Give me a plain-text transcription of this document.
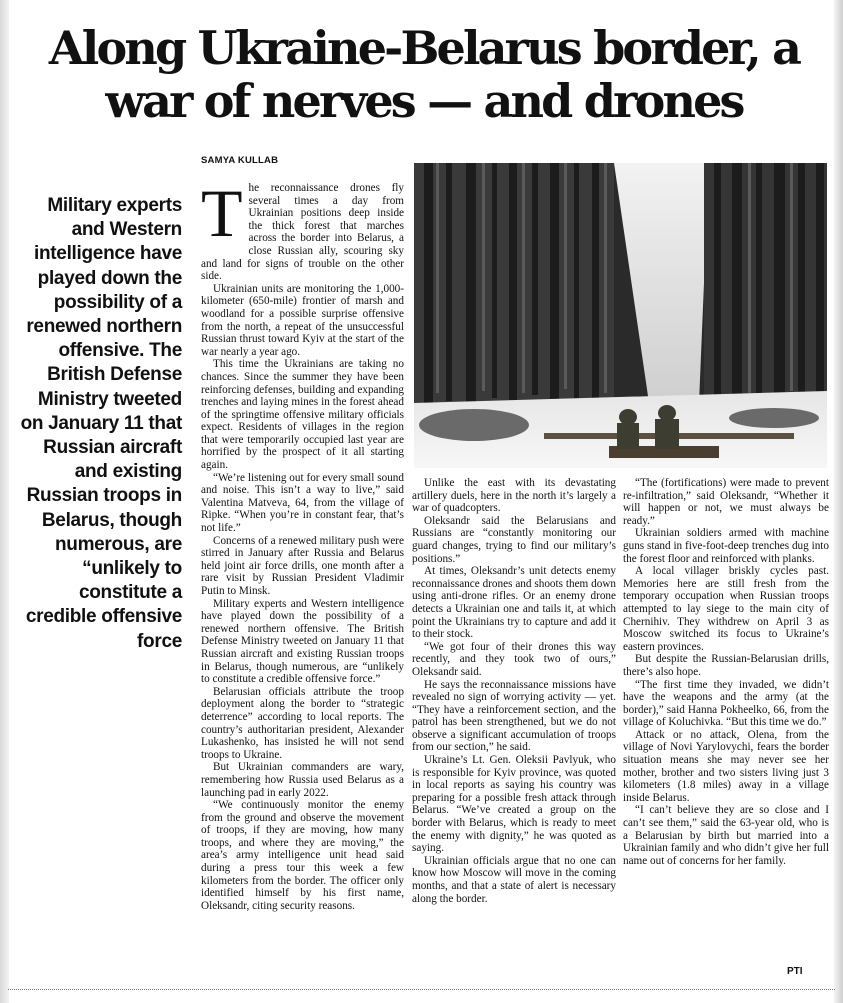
Along Ukraine-Belarus border, a war of nerves — and drones
SAMYA KULLAB
Military experts and Western intelligence have played down the possibility of a renewed northern offensive. The British Defense Ministry tweeted on January 11 that Russian aircraft and existing Russian troops in Belarus, though numerous, are “unlikely to constitute a credible offensive force

The reconnaissance drones fly several times a day from Ukrainian positions deep inside the thick forest that marches across the border into Belarus, a close Russian ally, scouring sky and land for signs of trouble on the other side.

Ukrainian units are monitoring the 1,000-kilometer (650-mile) frontier of marsh and woodland for a possible surprise offensive from the north, a repeat of the unsuccessful Russian thrust toward Kyiv at the start of the war nearly a year ago.

This time the Ukrainians are taking no chances. Since the summer they have been reinforcing defenses, building and expanding trenches and laying mines in the forest ahead of the springtime offensive military officials expect. Residents of villages in the region that were temporarily occupied last year are horrified by the prospect of it all starting again.

“We’re listening out for every small sound and noise. This isn’t a way to live,” said Valentina Matveva, 64, from the village of Ripke. “When you’re in constant fear, that’s not life.”

Concerns of a renewed military push were stirred in January after Russia and Belarus held joint air force drills, one month after a rare visit by Russian President Vladimir Putin to Minsk.

Military experts and Western intelligence have played down the possibility of a renewed northern offensive. The British Defense Ministry tweeted on January 11 that Russian aircraft and existing Russian troops in Belarus, though numerous, are “unlikely to constitute a credible offensive force.”

Belarusian officials attribute the troop deployment along the border to “strategic deterrence” according to local reports. The country’s authoritarian president, Alexander Lukashenko, has insisted he will not send troops to Ukraine.

But Ukrainian commanders are wary, remembering how Russia used Belarus as a launching pad in early 2022.

“We continuously monitor the enemy from the ground and observe the movement of troops, if they are moving, how many troops, and where they are moving,” the area’s army intelligence unit head said during a press tour this week a few kilometers from the border. The officer only identified himself by his first name, Oleksandr, citing security reasons.

Unlike the east with its devastating artillery duels, here in the north it’s largely a war of quadcopters.

Oleksandr said the Belarusians and Russians are “constantly monitoring our guard changes, trying to find our military’s positions.”

At times, Oleksandr’s unit detects enemy reconnaissance drones and shoots them down using anti-drone rifles. Or an enemy drone detects a Ukrainian one and tails it, at which point the Ukrainians try to capture and add it to their stock.

“We got four of their drones this way recently, and they took two of ours,” Oleksandr said.

He says the reconnaissance missions have revealed no sign of worrying activity — yet. “They have a reinforcement section, and the patrol has been strengthened, but we do not observe a significant accumulation of troops from our section,” he said.

Ukraine’s Lt. Gen. Oleksii Pavlyuk, who is responsible for Kyiv province, was quoted in local reports as saying his country was preparing for a possible fresh attack through Belarus. “We’ve created a group on the border with Belarus, which is ready to meet the enemy with dignity,” he was quoted as saying.

Ukrainian officials argue that no one can know how Moscow will move in the coming months, and that a state of alert is necessary along the border.

“The (fortifications) were made to prevent re-infiltration,” said Oleksandr, “Whether it will happen or not, we must always be ready.”

Ukrainian soldiers armed with machine guns stand in five-foot-deep trenches dug into the forest floor and reinforced with planks.

A local villager briskly cycles past. Memories here are still fresh from the temporary occupation when Russian troops attempted to lay siege to the main city of Chernihiv. They withdrew on April 3 as Moscow switched its focus to Ukraine’s eastern provinces.

But despite the Russian-Belarusian drills, there’s also hope.

“The first time they invaded, we didn’t have the weapons and the army (at the border),” said Hanna Pokheelko, 66, from the village of Koluchivka. “But this time we do.”

Attack or no attack, Olena, from the village of Novi Yarylovychi, fears the border situation means she may never see her mother, brother and two sisters living just 3 kilometers (1.8 miles) away in a village inside Belarus.

“I can’t believe they are so close and I can’t see them,” said the 63-year old, who is a Belarusian by birth but married into a Ukrainian family and who didn’t give her full name out of concerns for her family.

PTI
